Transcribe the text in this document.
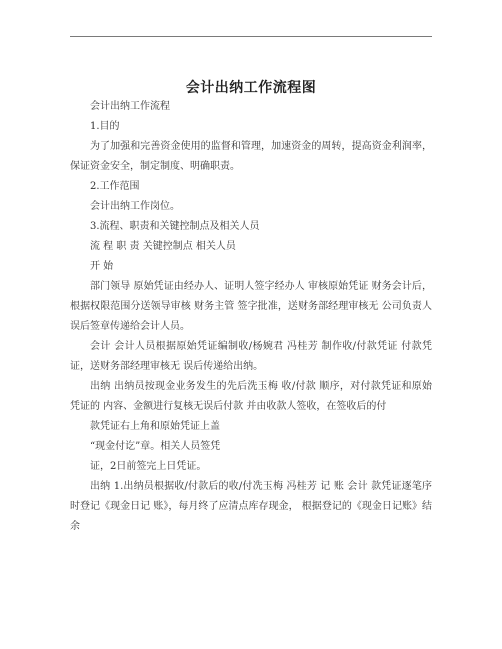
会计出纳工作流程图

会计出纳工作流程

1.目的

为了加强和完善资金使用的监督和管理，加速资金的周转，提高资金利润率，保证资金安全，制定制度、明确职责。

2.工作范围

会计出纳工作岗位。

3.流程、职责和关键控制点及相关人员

流 程 职 责 关键控制点 相关人员

开 始

部门领导 原始凭证由经办人、证明人签字经办人 审核原始凭证 财务会计后，根据权限范围分送领导审核 财务主管 签字批准，送财务部经理审核无 公司负责人 误后签章传递给会计人员。

会计 会计人员根据原始凭证编制收/杨婉君 冯桂芳 制作收/付款凭证 付款凭证，送财务部经理审核无 误后传递给出纳。

出纳 出纳员按现金业务发生的先后洗玉梅 收/付款 顺序，对付款凭证和原始凭证的 内容、金额进行复核无误后付款 并由收款人签收，在签收后的付

款凭证右上角和原始凭证上盖

“现金付讫”章。相关人员签凭

证，2日前签完上日凭证。

出纳 1.出纳员根据收/付款后的收/付冼玉梅 冯桂芳 记 账 会计 款凭证逐笔序时登记《现金日记 账》，每月终了应清点库存现金， 根据登记的《现金日记账》结余
